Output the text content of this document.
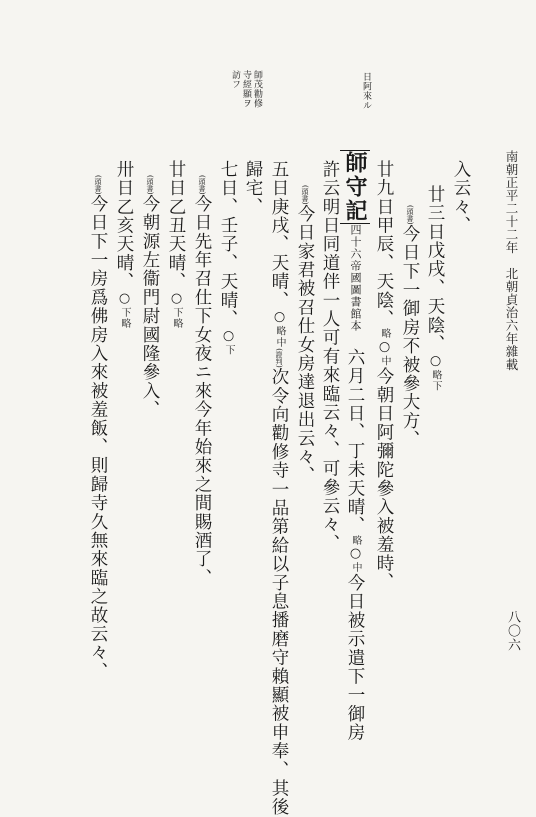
南朝正平二十二年　北朝貞治六年雜載
八〇六
日阿來ル
師茂勸修
寺經顯ヲ
訪フ
入云々、
廿三日戊戌、天陰、○略下
(頭書)今日下一御房不被參大方、
廿九日甲辰、天陰、略○中今朝日阿彌陀參入被羞時、
師守記四十六帝國圖書館本六月二日、丁未天晴、略○中今日被示遣下一御房
許云明日同道伴一人可有來臨云々、可參云々、
(頭書)今日家君被召仕女房達退出云々、
五日庚戌、天晴、○略中(證判)次令向勸修寺一品第給以子息播磨守賴顯被申奉、其後
歸宅、
七日、壬子、天晴、○下
(頭書)今日先年召仕下女夜ニ來今年始來之間賜酒了、
廿日乙丑天晴、○下略
(頭書)今朝源左衞門尉國隆參入、
卅日乙亥天晴、○下略
(頭書)今日下一房爲佛房入來被羞飯、則歸寺久無來臨之故云々、
